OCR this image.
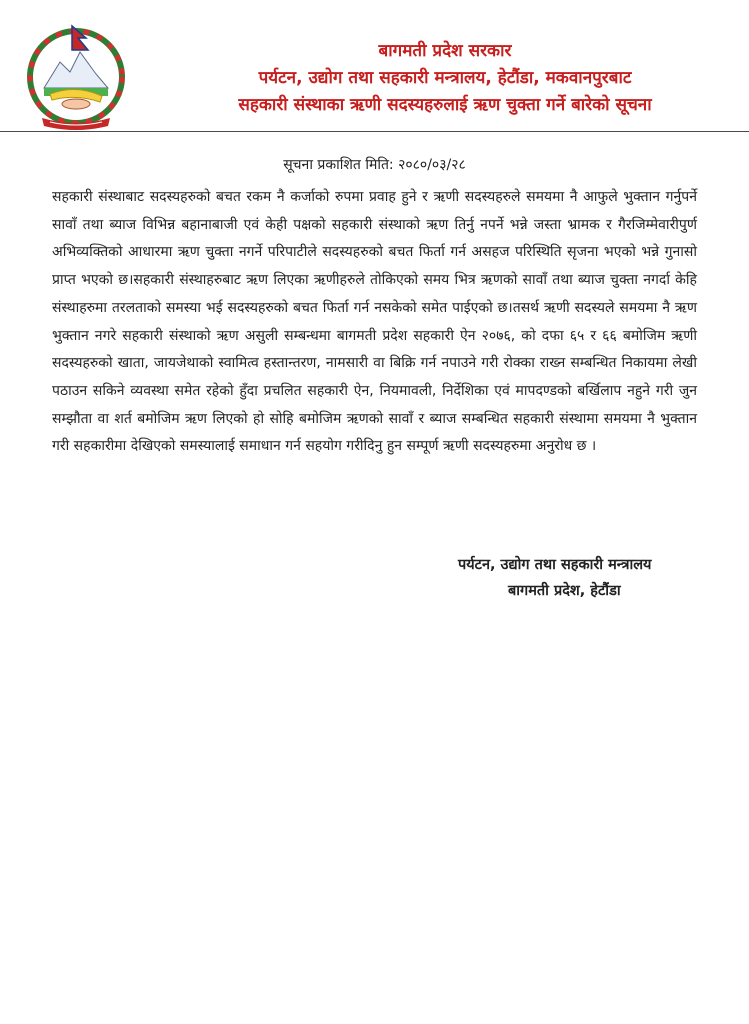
बागमती प्रदेश सरकार
पर्यटन, उद्योग तथा सहकारी मन्त्रालय, हेटौंडा, मकवानपुरबाट
सहकारी संस्थाका ऋणी सदस्यहरुलाई ऋण चुक्ता गर्ने बारेको सूचना
सूचना प्रकाशित मिति: २०८०/०३/२८
सहकारी संस्थाबाट सदस्यहरुको बचत रकम नै कर्जाको रुपमा प्रवाह हुने र ऋणी सदस्यहरुले समयमा नै आफुले भुक्तान गर्नुपर्ने सावाँ तथा ब्याज विभिन्न बहानाबाजी एवं केही पक्षको सहकारी संस्थाको ऋण तिर्नु नपर्ने भन्ने जस्ता भ्रामक र गैरजिम्मेवारीपुर्ण अभिव्यक्तिको आधारमा ऋण चुक्ता नगर्ने परिपाटीले सदस्यहरुको बचत फिर्ता गर्न असहज परिस्थिति सृजना भएको भन्ने गुनासो प्राप्त भएको छ।सहकारी संस्थाहरुबाट ऋण लिएका ऋणीहरुले तोकिएको समय भित्र ऋणको सावाँ तथा ब्याज चुक्ता नगर्दा केहि संस्थाहरुमा तरलताको समस्या भई सदस्यहरुको बचत फिर्ता गर्न नसकेको समेत पाईएको छ।तसर्थ ऋणी सदस्यले समयमा नै ऋण भुक्तान नगरे सहकारी संस्थाको ऋण असुली सम्बन्धमा बागमती प्रदेश सहकारी ऐन २०७६, को दफा ६५ र ६६ बमोजिम ऋणी सदस्यहरुको खाता, जायजेथाको स्वामित्व हस्तान्तरण, नामसारी वा बिक्रि गर्न नपाउने गरी रोक्का राख्न सम्बन्धित निकायमा लेखी पठाउन सकिने व्यवस्था समेत रहेको हुँदा प्रचलित सहकारी ऐन, नियमावली, निर्देशिका एवं मापदण्डको बर्खिलाप नहुने गरी जुन सम्झौता वा शर्त बमोजिम ऋण लिएको हो सोहि बमोजिम ऋणको सावाँ र ब्याज सम्बन्धित सहकारी संस्थामा समयमा नै भुक्तान गरी सहकारीमा देखिएको समस्यालाई समाधान गर्न सहयोग गरीदिनु हुन सम्पूर्ण ऋणी सदस्यहरुमा अनुरोध छ ।
पर्यटन, उद्योग तथा सहकारी मन्त्रालय
बागमती प्रदेश, हेटौंडा
